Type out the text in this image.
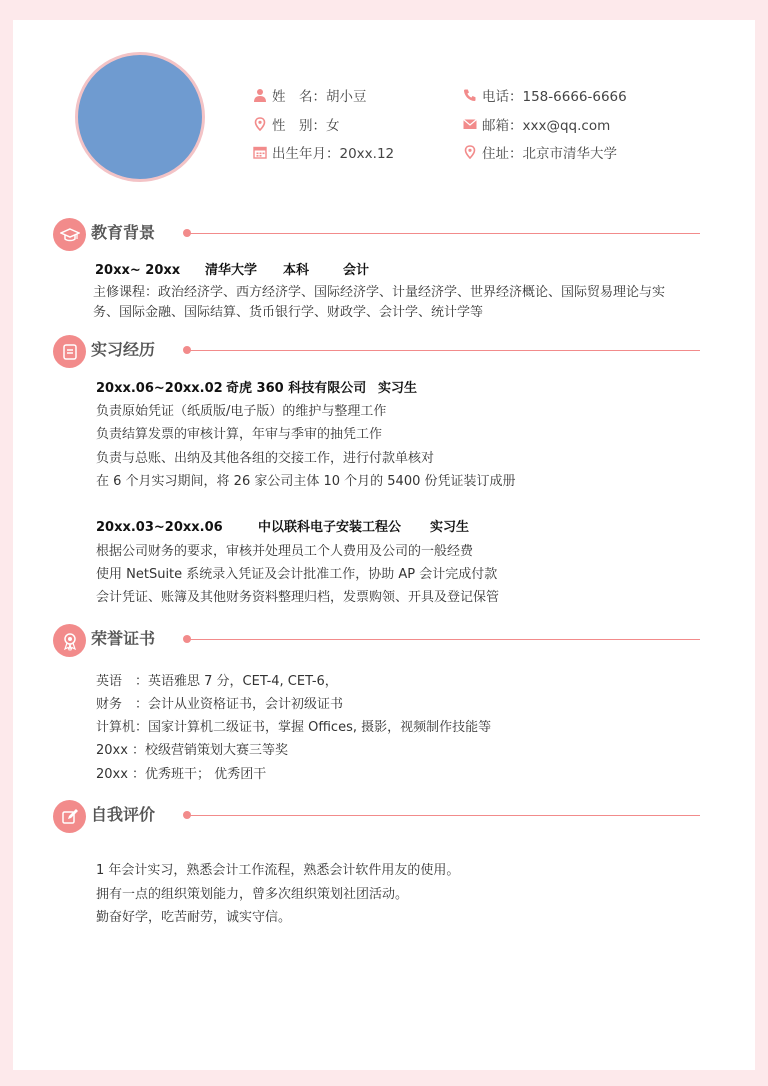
姓　名：胡小豆
性　别：女
出生年月：20xx.12
电话：158-6666-6666
邮箱：xxx@qq.com
住址：北京市清华大学
教育背景
20xx~ 20xx 清华大学 本科	会计
主修课程：政治经济学、西方经济学、国际经济学、计量经济学、世界经济概论、国际贸易理论与实
务、国际金融、国际结算、货币银行学、财政学、会计学、统计学等
实习经历
20xx.06~20xx.02 奇虎 360 科技有限公司 实习生
负责原始凭证（纸质版/电子版）的维护与整理工作
负责结算发票的审核计算，年审与季审的抽凭工作
负责与总账、出纳及其他各组的交接工作，进行付款单核对
在 6 个月实习期间，将 26 家公司主体 10 个月的 5400 份凭证装订成册
20xx.03~20xx.06	中以联科电子安装工程公 实习生
根据公司财务的要求，审核并处理员工个人费用及公司的一般经费
使用 NetSuite 系统录入凭证及会计批准工作，协助 AP 会计完成付款
会计凭证、账簿及其他财务资料整理归档，发票购领、开具及登记保管
荣誉证书
英语　：英语雅思 7 分，CET-4, CET-6，
财务　：会计从业资格证书，会计初级证书
计算机：国家计算机二级证书，掌握 Offices, 摄影，视频制作技能等
20xx ：校级营销策划大赛三等奖
20xx ：优秀班干； 优秀团干
自我评价
1 年会计实习，熟悉会计工作流程，熟悉会计软件用友的使用。
拥有一点的组织策划能力，曾多次组织策划社团活动。
勤奋好学，吃苦耐劳，诚实守信。
